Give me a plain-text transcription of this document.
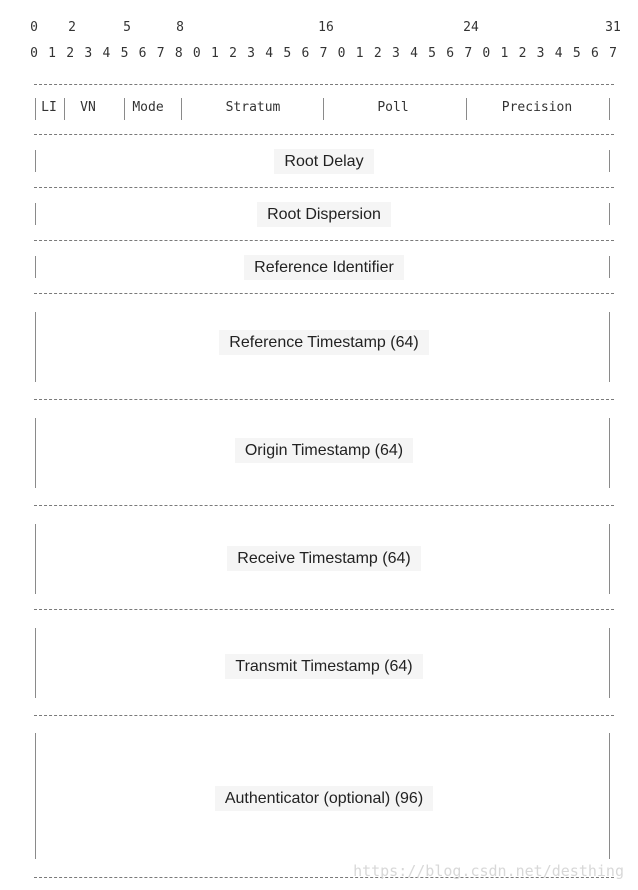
0 2	5	8	16	24	31
0 1 2 3 4 5 6 7 8 0 1 2 3 4 5 6 7 0 1 2 3 4 5 6 7 0 1 2 3 4 5 6 7
LI	VN	Mode	Stratum	Poll	Precision
Root Delay
Root Dispersion
Reference Identifier
Reference Timestamp (64)
Origin Timestamp (64)
Receive Timestamp (64)
Transmit Timestamp (64)
Authenticator (optional) (96)
https://blog.csdn.net/desthing
